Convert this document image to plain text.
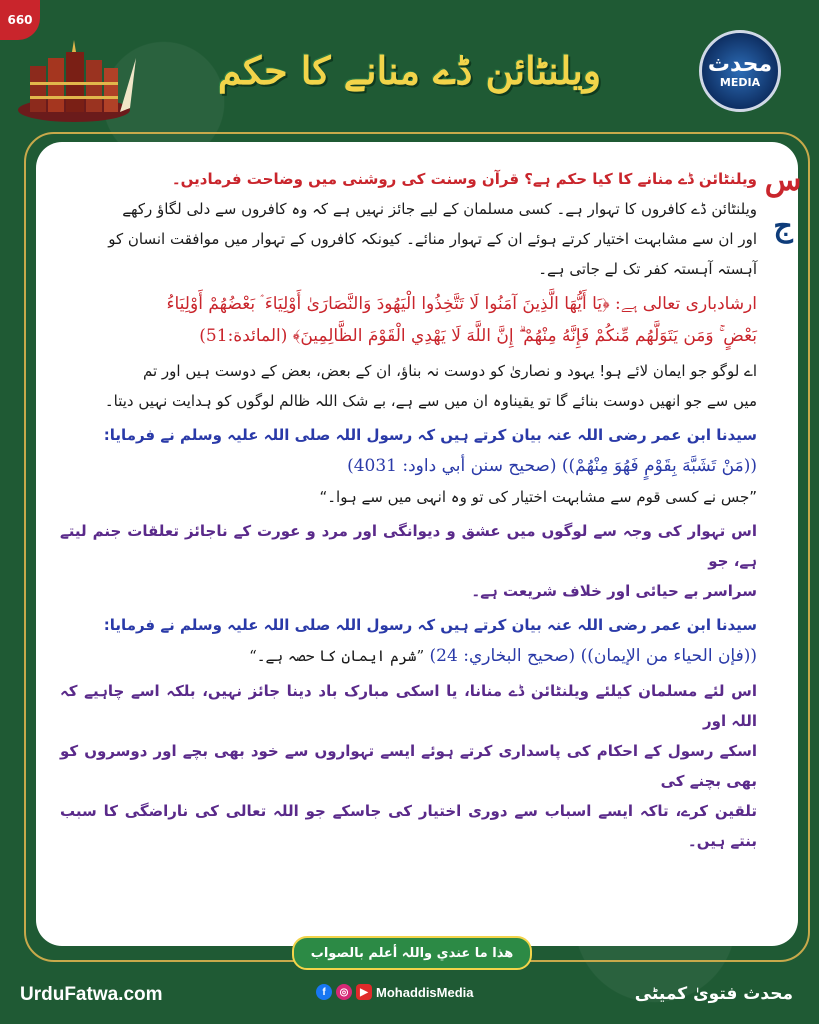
660
ویلنٹائن ڈے منانے کا حکم	محدث
MEDIA
س
ج

ویلنٹائن ڈے منانے کا کیا حکم ہے؟ قرآن وسنت کی روشنی میں وضاحت فرمادیں۔

ویلنٹائن ڈے کافروں کا تہوار ہے۔ کسی مسلمان کے لیے جائز نہیں ہے کہ وہ کافروں سے دلی لگاؤ رکھے

اور ان سے مشابہت اختیار کرتے ہوئے ان کے تہوار منائے۔ کیونکہ کافروں کے تہوار میں موافقت انسان کو

آہستہ آہستہ کفر تک لے جاتی ہے۔

ارشادباری تعالی ہے: ﴿يَا أَيُّهَا الَّذِينَ آمَنُوا لَا تَتَّخِذُوا الْيَهُودَ وَالنَّصَارَىٰ أَوْلِيَاءَ ۘ بَعْضُهُمْ أَوْلِيَاءُ

بَعْضٍ ۚ وَمَن يَتَوَلَّهُم مِّنكُمْ فَإِنَّهُ مِنْهُمْ ۗ إِنَّ اللَّهَ لَا يَهْدِي الْقَوْمَ الظَّالِمِينَ﴾ (المائدة:51)

اے لوگو جو ایمان لائے ہو! یہود و نصاریٰ کو دوست نہ بناؤ، ان کے بعض، بعض کے دوست ہیں اور تم

میں سے جو انھیں دوست بنائے گا تو یقیناوہ ان میں سے ہے، بے شک اللہ ظالم لوگوں کو ہدایت نہیں دیتا۔

سیدنا ابن عمر رضی اللہ عنہ بیان کرتے ہیں کہ رسول اللہ صلی اللہ علیہ وسلم نے فرمایا:

((مَنْ تَشَبَّهَ بِقَوْمٍ فَهُوَ مِنْهُمْ)) (صحيح سنن أبي داود: 4031)

”جس نے کسی قوم سے مشابہت اختیار کی تو وہ انہی میں سے ہوا۔“

اس تہوار کی وجہ سے لوگوں میں عشق و دیوانگی اور مرد و عورت کے ناجائز تعلقات جنم لیتے ہے، جو

سراسر بے حیائی اور خلاف شریعت ہے۔

سیدنا ابن عمر رضی اللہ عنہ بیان کرتے ہیں کہ رسول اللہ صلی اللہ علیہ وسلم نے فرمایا:

((فإن الحياء من الإيمان)) (صحيح البخاري: 24) ”شرم ایمان کا حصہ ہے۔“

اس لئے مسلمان کیلئے ویلنٹائن ڈے منانا، یا اسکی مبارک باد دینا جائز نہیں، بلکہ اسے چاہیے کہ اللہ اور

اسکے رسول کے احکام کی پاسداری کرتے ہوئے ایسے تہواروں سے خود بھی بچے اور دوسروں کو بھی بچنے کی

تلقین کرے، تاکہ ایسے اسباب سے دوری اختیار کی جاسکے جو اللہ تعالی کی ناراضگی کا سبب بنتے ہیں۔

ھذا ما عندي واللہ أعلم بالصواب
UrduFatwa.com	f	◎	▶ MohaddisMedia	محدث فتویٰ کمیٹی
